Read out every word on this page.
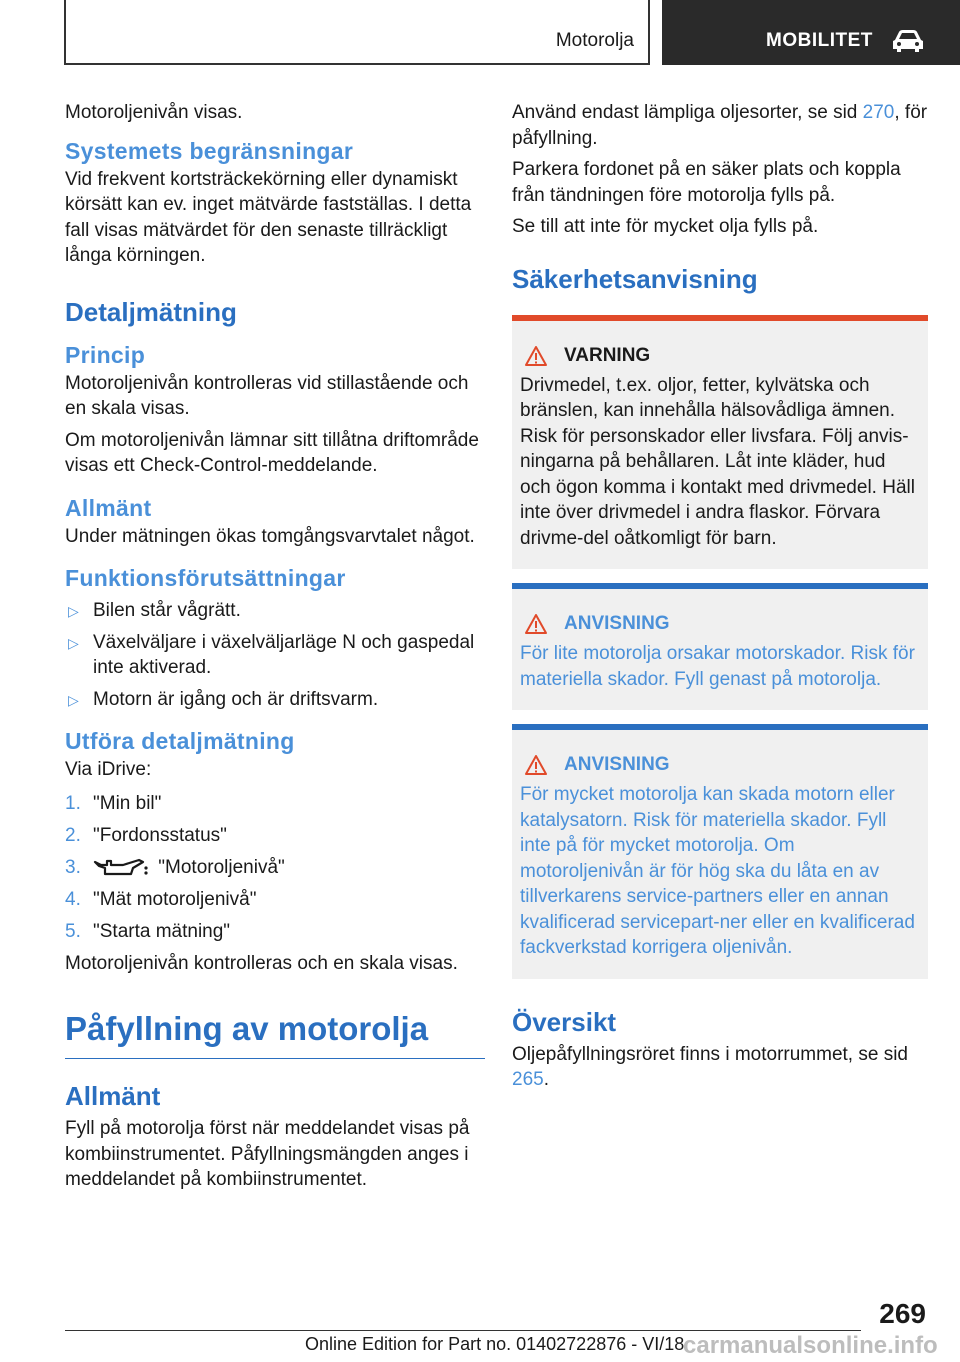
Motorolja	MOBILITET

Motoroljenivån visas.

Systemets begränsningar

Vid frekvent kortsträckekörning eller dynamiskt körsätt kan ev. inget mätvärde fastställas. I detta fall visas mätvärdet för den senaste tillräckligt långa körningen.

Detaljmätning
Princip

Motoroljenivån kontrolleras vid stillastående och en skala visas.

Om motoroljenivån lämnar sitt tillåtna driftområde visas ett Check-Control-meddelande.

Allmänt

Under mätningen ökas tomgångsvarvtalet något.

Funktionsförutsättningar
▷ Bilen står vågrätt.
▷ Växelväljare i växelväljarläge N och gaspedal inte aktiverad.
▷ Motorn är igång och är driftsvarm.
Utföra detaljmätning

Via iDrive:

1. "Min bil"
2. "Fordonsstatus"
3.	"Motoroljenivå"
4. "Mät motoroljenivå"
5. "Starta mätning"

Motoroljenivån kontrolleras och en skala visas.

Påfyllning av motorolja
Allmänt

Fyll på motorolja först när meddelandet visas på kombiinstrumentet. Påfyllningsmängden anges i meddelandet på kombiinstrumentet.

Använd endast lämpliga oljesorter, se sid 270, för påfyllning.

Parkera fordonet på en säker plats och koppla från tändningen före motorolja fylls på.

Se till att inte för mycket olja fylls på.

Säkerhetsanvisning
VARNING

Drivmedel, t.ex. oljor, fetter, kylvätska och bränslen, kan innehålla hälsovådliga ämnen. Risk för personskador eller livsfara. Följ anvis-ningarna på behållaren. Låt inte kläder, hud och ögon komma i kontakt med drivmedel. Häll inte över drivmedel i andra flaskor. Förvara drivme-del oåtkomligt för barn.

ANVISNING

För lite motorolja orsakar motorskador. Risk för materiella skador. Fyll genast på motorolja.

ANVISNING

För mycket motorolja kan skada motorn eller katalysatorn. Risk för materiella skador. Fyll inte på för mycket motorolja. Om motoroljenivån är för hög ska du låta en av tillverkarens service-partners eller en annan kvalificerad servicepart-ner eller en kvalificerad fackverkstad korrigera oljenivån.

Översikt

Oljepåfyllningsröret finns i motorrummet, se sid 265.

269
Online Edition for Part no. 01402722876 - VI/18
carmanualsonline.info
